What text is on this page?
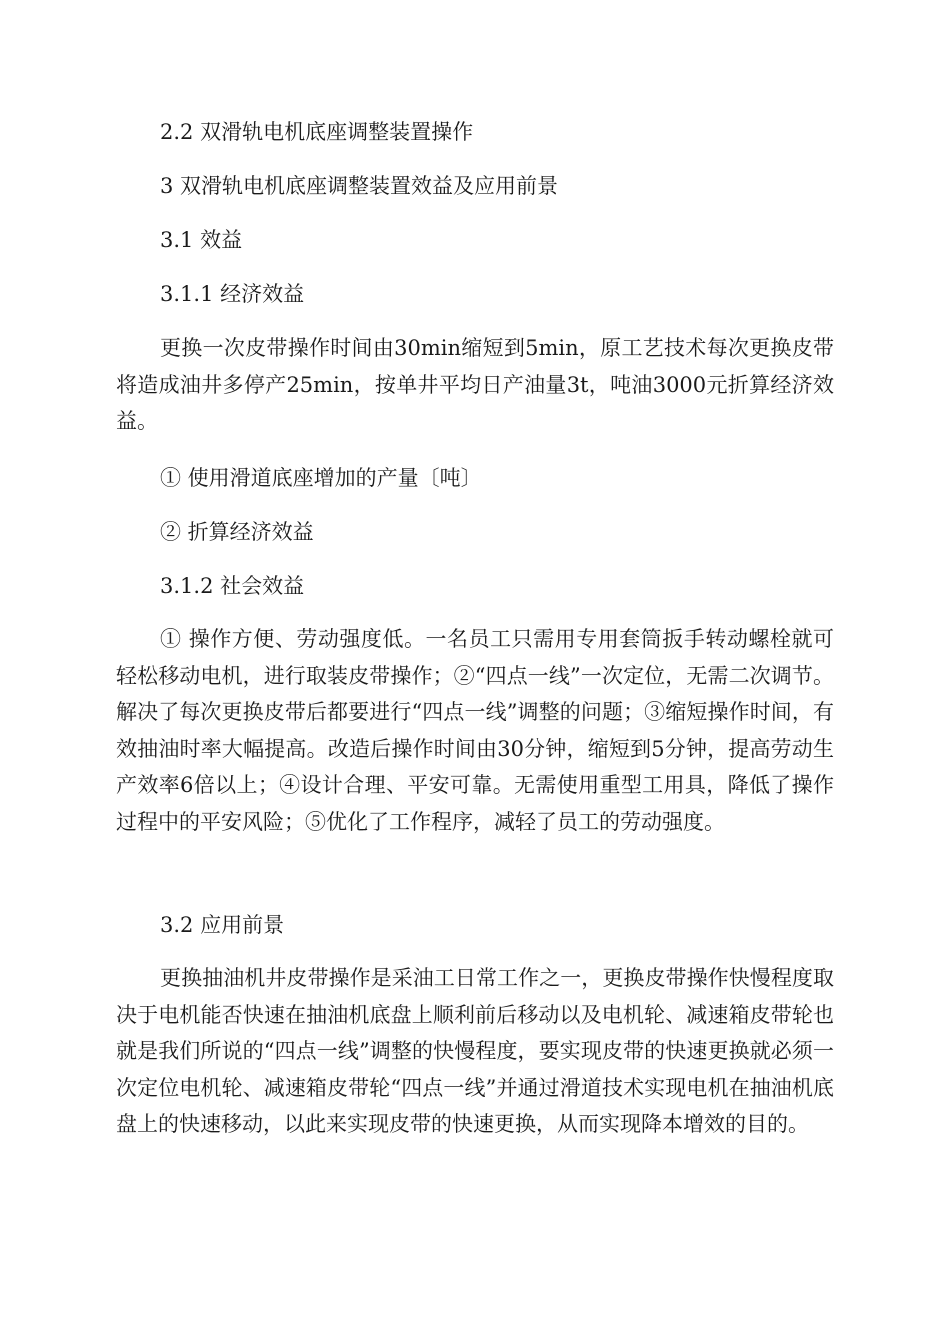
2.2 双滑轨电机底座调整装置操作
3 双滑轨电机底座调整装置效益及应用前景
3.1 效益
3.1.1 经济效益
更换一次皮带操作时间由30min缩短到5min，原工艺技术每次更换皮带将造成油井多停产25min，按单井平均日产油量3t，吨油3000元折算经济效益。
① 使用滑道底座增加的产量〔吨〕
② 折算经济效益
3.1.2 社会效益
① 操作方便、劳动强度低。一名员工只需用专用套筒扳手转动螺栓就可轻松移动电机，进行取装皮带操作；②“四点一线”一次定位，无需二次调节。解决了每次更换皮带后都要进行“四点一线”调整的问题；③缩短操作时间，有效抽油时率大幅提高。改造后操作时间由30分钟，缩短到5分钟，提高劳动生产效率6倍以上；④设计合理、平安可靠。无需使用重型工用具，降低了操作过程中的平安风险；⑤优化了工作程序，减轻了员工的劳动强度。
3.2 应用前景
更换抽油机井皮带操作是采油工日常工作之一，更换皮带操作快慢程度取决于电机能否快速在抽油机底盘上顺利前后移动以及电机轮、减速箱皮带轮也就是我们所说的“四点一线”调整的快慢程度，要实现皮带的快速更换就必须一次定位电机轮、减速箱皮带轮“四点一线”并通过滑道技术实现电机在抽油机底盘上的快速移动，以此来实现皮带的快速更换，从而实现降本增效的目的。
